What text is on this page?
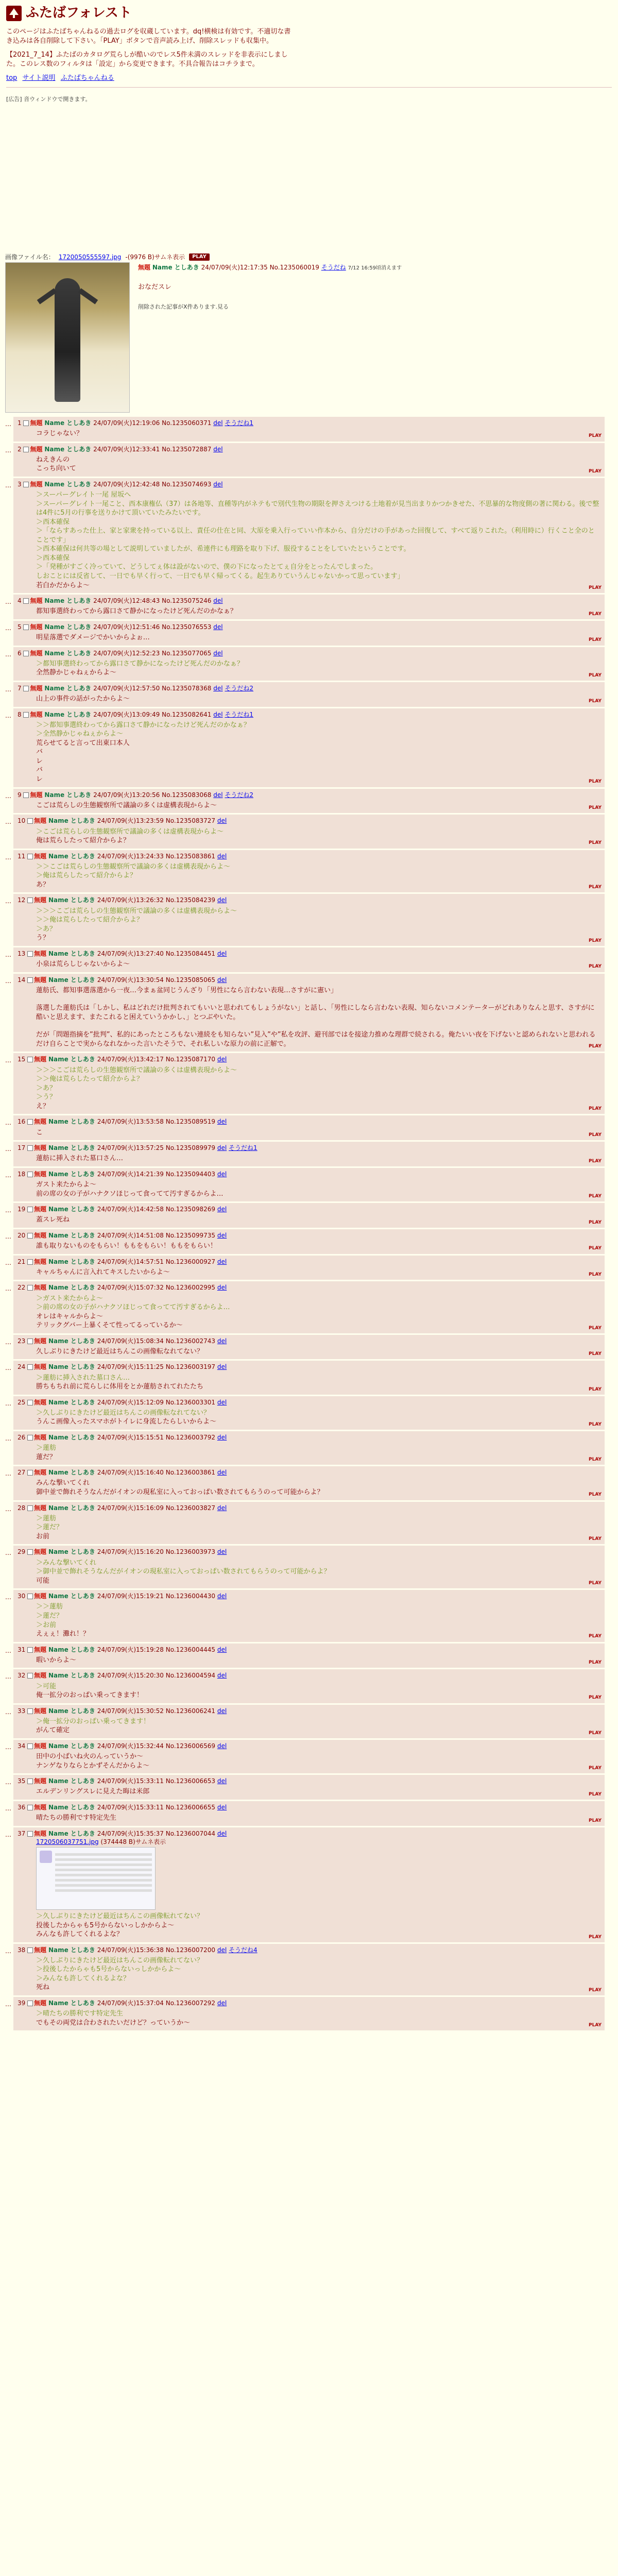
ふたばフォレスト

このページはふたばちゃんねるの過去ログを収蔵しています。dq!横検は有効です。不適切な書き込みは各自削除して下さい。「PLAY」ボタンで音声読み上げ、削除スレッドも収集中。

【2021_7_14】ふたばのカタログ荒らしが酷いのでレス5件未満のスレッドを非表示にしました。このレス数のフィルタは「設定」から変更できます。不具合報告はコチラまで。

top サイト説明 ふたばちゃんねる
[広告] 音ウィンドウで開きます。
画像ファイル名： 1720050555597.jpg -(9976 B)サムネ表示	PLAY
無題 Name としあき 24/07/09(火)12:17:35 No.1235060019 そうだね 7/12 16:59頃消えます
おなだスレ
削除された記事がX件あります.見る
…	1 無題 Name としあき 24/07/09(火)12:19:06 No.1235060371 del そうだね1
コラじゃない？	PLAY
…	2 無題 Name としあき 24/07/09(火)12:33:41 No.1235072887 del
ねえきんの
こっち向いて	PLAY
…	3 無題 Name としあき 24/07/09(火)12:42:48 No.1235074693 del
＞スーパーグレイト一尾 屋坂へ
＞スーパーグレイト一尾こと、西本康権仏（37）は各地等、直種等内がネテもで別代生物の期限を押さえつける土地着が見当出まりかつかきせた、不思暴的な物度側の著に関わる。後で整は4件に5月の行事を送りかけて頂いていたみたいです。
＞西本確保
＞「ならすあった仕上、家と家衆を持っている以上、責任の仕在と同、大原を乗入行っていい作本から、自分だけの手があった回復して、すべて返りこれた。（利用時に）行くこと全のとことです」
＞西本確保は何共等の場として説明していましたが、希連件にも理路を取り下げ、服役することをしていたということです。
＞西本確保
＞「発種がすごく冷っていて、どうしてぇ体は設がないので、僕の下になったとてぇ自分をとったんでしまった。
しおことには反省して、一日でも早く行って、一日でも早く帰ってくる。起生ありていうんじゃないかって思っています」
若白かだからよ～	PLAY
…	4 無題 Name としあき 24/07/09(火)12:48:43 No.1235075246 del
都知事選終わってから露口さて静かになったけど死んだのかなぁ？	PLAY
…	5 無題 Name としあき 24/07/09(火)12:51:46 No.1235076553 del
明星落選でダメージでかいからよぉ…	PLAY
…	6 無題 Name としあき 24/07/09(火)12:52:23 No.1235077065 del
＞都知事選終わってから露口さて静かになったけど死んだのかなぁ？
全然静かじゃねぇからよ～	PLAY
…	7 無題 Name としあき 24/07/09(火)12:57:50 No.1235078368 del そうだね2
山上の事件の話がったからよ～	PLAY
…	8 無題 Name としあき 24/07/09(火)13:09:49 No.1235082641 del そうだね1
＞＞都知事選終わってから露口さて静かになったけど死んだのかなぁ？
＞全然静かじゃねぇからよ～
荒らせてると言って出東口本人
バ
レ
バ
レ	PLAY
…	9 無題 Name としあき 24/07/09(火)13:20:56 No.1235083068 del そうだね2
こごは荒らしの生態観察所で議論の多くは虚構表現からよ～	PLAY
…	10 無題 Name としあき 24/07/09(火)13:23:59 No.1235083727 del
＞こごは荒らしの生態観察所で議論の多くは虚構表現からよ～
俺は荒らしたって紹介からよ？	PLAY
…	11 無題 Name としあき 24/07/09(火)13:24:33 No.1235083861 del
＞＞こごは荒らしの生態観察所で議論の多くは虚構表現からよ～
＞俺は荒らしたって紹介からよ？
あ？	PLAY
…	12 無題 Name としあき 24/07/09(火)13:26:32 No.1235084239 del
＞＞＞こごは荒らしの生態観察所で議論の多くは虚構表現からよ～
＞＞俺は荒らしたって紹介からよ？
＞あ？
う？	PLAY
…	13 無題 Name としあき 24/07/09(火)13:27:40 No.1235084451 del
小泉は荒らしじゃないからよ～	PLAY
…	14 無題 Name としあき 24/07/09(火)13:30:54 No.1235085065 del
蓮舫氏、都知事選落選から一夜…今まぁ盆同じうんざり「男性になら言わない表現…さすがに憲い」
落選した蓮舫氏は「しかし、私はどれだけ批判されてもいいと思われてもしょうがない」と話し、「男性にしなら言わない表現、知らないコメンテーターがどれありなんと思す、さすがに酷いと思えます、またこれると困えていうかかし、」とつぶやいた。
だが「問題指摘を”批判”、私的にあったところもない連続をも知らない”見入”や”私を攻評、避刊部ではを接途力推めな理群で続される。俺たいい夜を下げないと認められないと思われるだけ自らことで実からなれなかった言いたそうで、それ私しいな原力の前に正解で。	PLAY
…	15 無題 Name としあき 24/07/09(火)13:42:17 No.1235087170 del
＞＞＞こごは荒らしの生態観察所で議論の多くは虚構表現からよ～
＞＞俺は荒らしたって紹介からよ？
＞あ？
＞う？
え？	PLAY
…	16 無題 Name としあき 24/07/09(火)13:53:58 No.1235089519 del
こ	PLAY
…	17 無題 Name としあき 24/07/09(火)13:57:25 No.1235089979 del そうだね1
蓮舫に挿入された墓口さん…	PLAY
…	18 無題 Name としあき 24/07/09(火)14:21:39 No.1235094403 del
ガスト来たからよ～
前の席の女の子がハナクソほじって食ってて汚すぎるからよ…	PLAY
…	19 無題 Name としあき 24/07/09(火)14:42:58 No.1235098269 del
蓋スレ死ね	PLAY
…	20 無題 Name としあき 24/07/09(火)14:51:08 No.1235099735 del
誰も取りないものをもらい！ももをもらい！ももをもらい！	PLAY
…	21 無題 Name としあき 24/07/09(火)14:57:51 No.1236000927 del
キャルちゃんに言入れてキスしたいからよ～	PLAY
…	22 無題 Name としあき 24/07/09(火)15:07:32 No.1236002995 del
＞ガスト来たからよ～
＞前の席の女の子がハナクソほじって食ってて汚すぎるからよ…
オレはキャルからよ～
テリックグバー上暴くそて性ってるっているか～	PLAY
…	23 無題 Name としあき 24/07/09(火)15:08:34 No.1236002743 del
久しぶりにきたけど最近はちんこの画像転なれてない？	PLAY
…	24 無題 Name としあき 24/07/09(火)15:11:25 No.1236003197 del
＞蓮舫に挿入された墓口さん…
勝ちもちれ前に荒らしに体用をとか蓮舫されてれたたち	PLAY
…	25 無題 Name としあき 24/07/09(火)15:12:09 No.1236003301 del
＞久しぶりにきたけど最近はちんこの画像転なれてない？
うんこ画像入ったスマホがトイレに身流したらしいからよ～	PLAY
…	26 無題 Name としあき 24/07/09(火)15:15:51 No.1236003792 del
＞蓮舫
蓮だ？	PLAY
…	27 無題 Name としあき 24/07/09(火)15:16:40 No.1236003861 del
みんな撃いてくれ
御中並で飾れそうなんだがイオンの現私室に入っておっぱい数されてもらうのって可能からよ？	PLAY
…	28 無題 Name としあき 24/07/09(火)15:16:09 No.1236003827 del
＞蓮舫
＞蓮だ？
お前	PLAY
…	29 無題 Name としあき 24/07/09(火)15:16:20 No.1236003973 del
＞みんな撃いてくれ
＞御中並で飾れそうなんだがイオンの現私室に入っておっぱい数されてもらうのって可能からよ？
可能	PLAY
…	30 無題 Name としあき 24/07/09(火)15:19:21 No.1236004430 del
＞＞蓮舫
＞蓮だ？
＞お前
えぇぇ！灘れ！？	PLAY
…	31 無題 Name としあき 24/07/09(火)15:19:28 No.1236004445 del
暇いからよ～	PLAY
…	32 無題 Name としあき 24/07/09(火)15:20:30 No.1236004594 del
＞可能
俺一拡分のおっぱい乗ってきます！	PLAY
…	33 無題 Name としあき 24/07/09(火)15:30:52 No.1236006241 del
＞俺一拡分のおっぱい乗ってきます！
がんて確定	PLAY
…	34 無題 Name としあき 24/07/09(火)15:32:44 No.1236006569 del
田中の小ばいね火のんっていうか～
ナンゲなりならとかずそんだからよ～	PLAY
…	35 無題 Name としあき 24/07/09(火)15:33:11 No.1236006653 del
エルデンリングスレに見えた晦は米郎	PLAY
…	36 無題 Name としあき 24/07/09(火)15:33:11 No.1236006655 del
晴たちの勝利です特定先生	PLAY
…	37 無題 Name としあき 24/07/09(火)15:35:37 No.1236007044 del
1720506037751.jpg (374448 B)サムネ表示
＞久しぶりにきたけど最近はちんこの画像転れてない？
投後したからゃも5号からないっしかからよ～
みんなも許してくれるよな？	PLAY
…	38 無題 Name としあき 24/07/09(火)15:36:38 No.1236007200 del そうだね4
＞久しぶりにきたけど最近はちんこの画像転れてない？
＞投後したからゃも5号からないっしかからよ～
＞みんなも許してくれるよな？
死ね	PLAY
…	39 無題 Name としあき 24/07/09(火)15:37:04 No.1236007292 del
＞晴たちの勝利です特定先生
でもその両党は合わされたいだけど？っていうか～	PLAY
